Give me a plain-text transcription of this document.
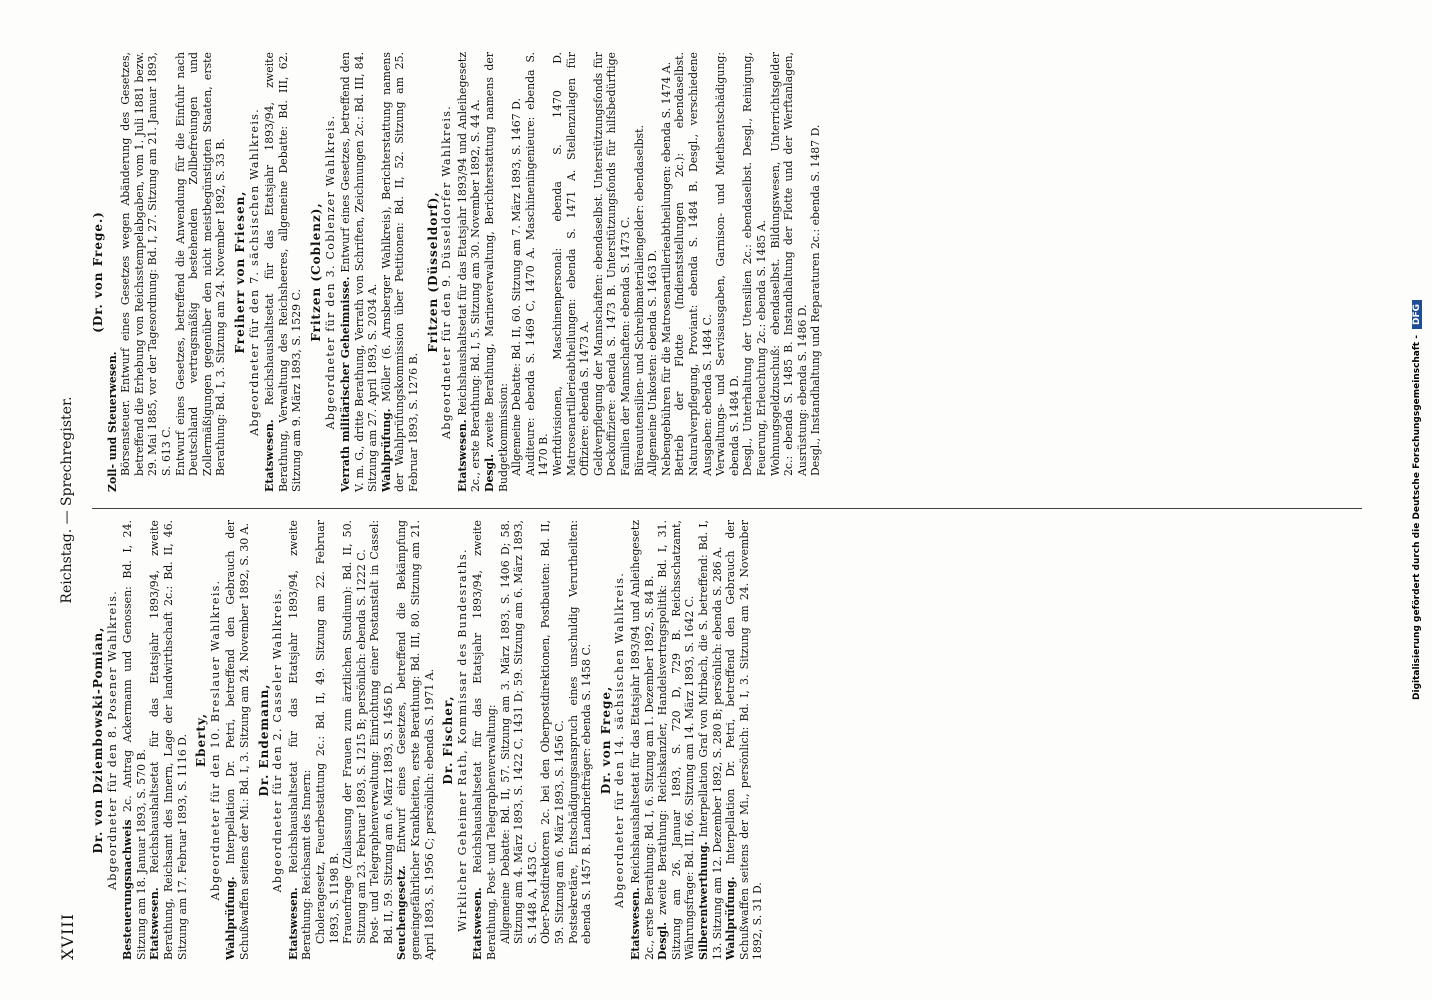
XVIII
Reichstag. — Sprechregister.

Dr. von Dziembowski-Pomian, Abgeordneter für den 8. Posener Wahlkreis. Besteuerungsnachweis 2c. Antrag Ackermann und Genossen: Bd. I, 24. Sitzung am 18. Januar 1893, S. 570 B. Etatswesen. Reichshaushaltsetat für das Etatsjahr 1893/94, zweite Berathung, Reichsamt des Innern, Lage der landwirthschaft 2c.: Bd. II, 46. Sitzung am 17. Februar 1893, S. 1116 D. Eberty, Abgeordneter für den 10. Breslauer Wahlkreis.

Wahlprüfung. Interpellation Dr. Petri, betreffend den Gebrauch der Schußwaffen seitens der Mi.: Bd. I, 3. Sitzung am 24. November 1892, S. 30 A. Dr. Endemann, Abgeordneter für den 2. Casseler Wahlkreis.

Etatswesen. Reichshaushaltsetat für das Etatsjahr 1893/94, zweite Berathung: Reichsamt des Innern: Choleragesetz, Feuerbestattung 2c.: Bd. II, 49. Sitzung am 22. Februar 1893, S. 1198 B. Frauenfrage (Zulassung der Frauen zum ärztlichen Studium): Bd. II, 50. Sitzung am 23. Februar 1893, S. 1215 B; persönlich: ebenda S. 1222 C. Post- und Telegraphenverwaltung: Einrichtung einer Postanstalt in Cassel: Bd. II, 59. Sitzung am 6. März 1893, S. 1456 D. Seuchengesetz. Entwurf eines Gesetzes, betreffend die Bekämpfung gemeingefährlicher Krankheiten, erste Berathung: Bd. III, 80. Sitzung am 21. April 1893, S. 1956 C; persönlich: ebenda S. 1971 A. Dr. Fischer, Wirklicher Geheimer Rath, Kommissar des Bundesraths. Etatswesen. Reichshaushaltsetat für das Etatsjahr 1893/94, zweite Berathung, Post- und Telegraphenverwaltung: Allgemeine Debatte: Bd. II, 57. Sitzung am 3. März 1893, S. 1406 D; 58. Sitzung am 4. März 1893, S. 1422 C, 1431 D; 59. Sitzung am 6. März 1893, S. 1448 A, 1453 C. Ober-Postdirektoren 2c. bei den Oberpostdirektionen, Postbauten: Bd. II, 59. Sitzung am 6. März 1893, S. 1456 C. Postsekretäre, Entschädigungsanspruch eines unschuldig Verurtheilten: ebenda S. 1457 B. Landbriefträger: ebenda S. 1458 C. Dr. von Frege, Abgeordneter für den 14. sächsischen Wahlkreis.

Etatswesen. Reichshaushaltsetat für das Etatsjahr 1893/94 und Anleihegesetz 2c., erste Berathung: Bd. I, 6. Sitzung am 1. Dezember 1892, S. 84 B. Desgl. zweite Berathung: Reichskanzler, Handelsvertragspolitik: Bd. I, 31. Sitzung am 26. Januar 1893, S. 720 D, 729 B. Reichsschatzamt, Währungsfrage: Bd. III, 66. Sitzung am 14. März 1893, S. 1642 C. Silberentwerthung. Interpellation Graf von Mirbach, die S. betreffend: Bd. I, 13. Sitzung am 12. Dezember 1892, S. 280 B; persönlich: ebenda S. 286 A. Wahlprüfung. Interpellation Dr. Petri, betreffend den Gebrauch der Schußwaffen seitens der Mi., persönlich: Bd. I, 3. Sitzung am 24. November 1892, S. 31 D.

(Dr. von Frege.)

Zoll- und Steuerwesen. Börsensteuer. Entwurf eines Gesetzes wegen Abänderung des Gesetzes, betreffend die Erhebung von Reichsstempelabgaben, vom 1. Juli 1881 bezw. 29. Mai 1885, vor der Tagesordnung: Bd. I, 27. Sitzung am 21. Januar 1893, S. 613 C. Entwurf eines Gesetzes, betreffend die Anwendung für die Einfuhr nach Deutschland vertragsmäßig bestehenden Zollbefreiungen und Zollermäßigungen gegenüber den nicht meistbegünstigten Staaten, erste Berathung: Bd. I, 3. Sitzung am 24. November 1892, S. 33 B. Freiherr von Friesen, Abgeordneter für den 7. sächsischen Wahlkreis.

Etatswesen. Reichshaushaltsetat für das Etatsjahr 1893/94, zweite Berathung, Verwaltung des Reichsheeres, allgemeine Debatte: Bd. III, 62. Sitzung am 9. März 1893, S. 1529 C.

Fritzen (Coblenz), Abgeordneter für den 3. Coblenzer Wahlkreis. Verrath militärischer Geheimnisse. Entwurf eines Gesetzes, betreffend den V. m. G., dritte Berathung, Verrath von Schriften, Zeichnungen 2c.: Bd. III, 84. Sitzung am 27. April 1893, S. 2034 A. Wahlprüfung. Möller (6. Arnsberger Wahlkreis), Berichterstattung namens der Wahlprüfungskommission über Petitionen: Bd. II, 52. Sitzung am 25. Februar 1893, S. 1276 B.

Fritzen (Düsseldorf), Abgeordneter für den 9. Düsseldorfer Wahlkreis.

Etatswesen. Reichshaushaltsetat für das Etatsjahr 1893/94 und Anleihegesetz 2c., erste Berathung: Bd. I, 5. Sitzung am 30. November 1892, S. 44 A. Desgl. zweite Berathung, Marineverwaltung, Berichterstattung namens der Budgetkommission: Allgemeine Debatte: Bd. II, 60. Sitzung am 7. März 1893, S. 1467 D. Auditeure: ebenda S. 1469 C, 1470 A. Maschineningenieure: ebenda S. 1470 B. Werftdivisionen, Maschinenpersonal: ebenda S. 1470 D. Matrosenartillerieabtheilungen: ebenda S. 1471 A. Stellenzulagen für Offiziere: ebenda S. 1473 A. Geldverpflegung der Mannschaften: ebendaselbst. Unterstützungsfonds für Deckoffiziere: ebenda S. 1473 B. Unterstützungsfonds für hilfsbedürftige Familien der Mannschaften: ebenda S. 1473 C. Büreauutensilien- und Schreibmaterialiengelder: ebendaselbst. Allgemeine Unkosten: ebenda S. 1463 D. Nebengebühren für die Matrosenartillerieabtheilungen: ebenda S. 1474 A. Betrieb der Flotte (Indienststellungen 2c.): ebendaselbst. Naturalverpflegung, Proviant: ebenda S. 1484 B. Desgl., verschiedene Ausgaben: ebenda S. 1484 C. Verwaltungs- und Servisausgaben, Garnison- und Miethsentschädigung: ebenda S. 1484 D. Desgl., Unterhaltung der Utensilien 2c.: ebendaselbst. Desgl., Reinigung, Feuerung, Erleuchtung 2c.: ebenda S. 1485 A. Wohnungsgeldzuschuß: ebendaselbst. Bildungswesen, Unterrichtsgelder 2c.: ebenda S. 1485 B. Instandhaltung der Flotte und der Werftanlagen, Ausrüstung: ebenda S. 1486 D. Desgl., Instandhaltung und Reparaturen 2c.: ebenda S. 1487 D.

Digitalisierung gefördert durch die Deutsche Forschungsgemeinschaft -
DFG
